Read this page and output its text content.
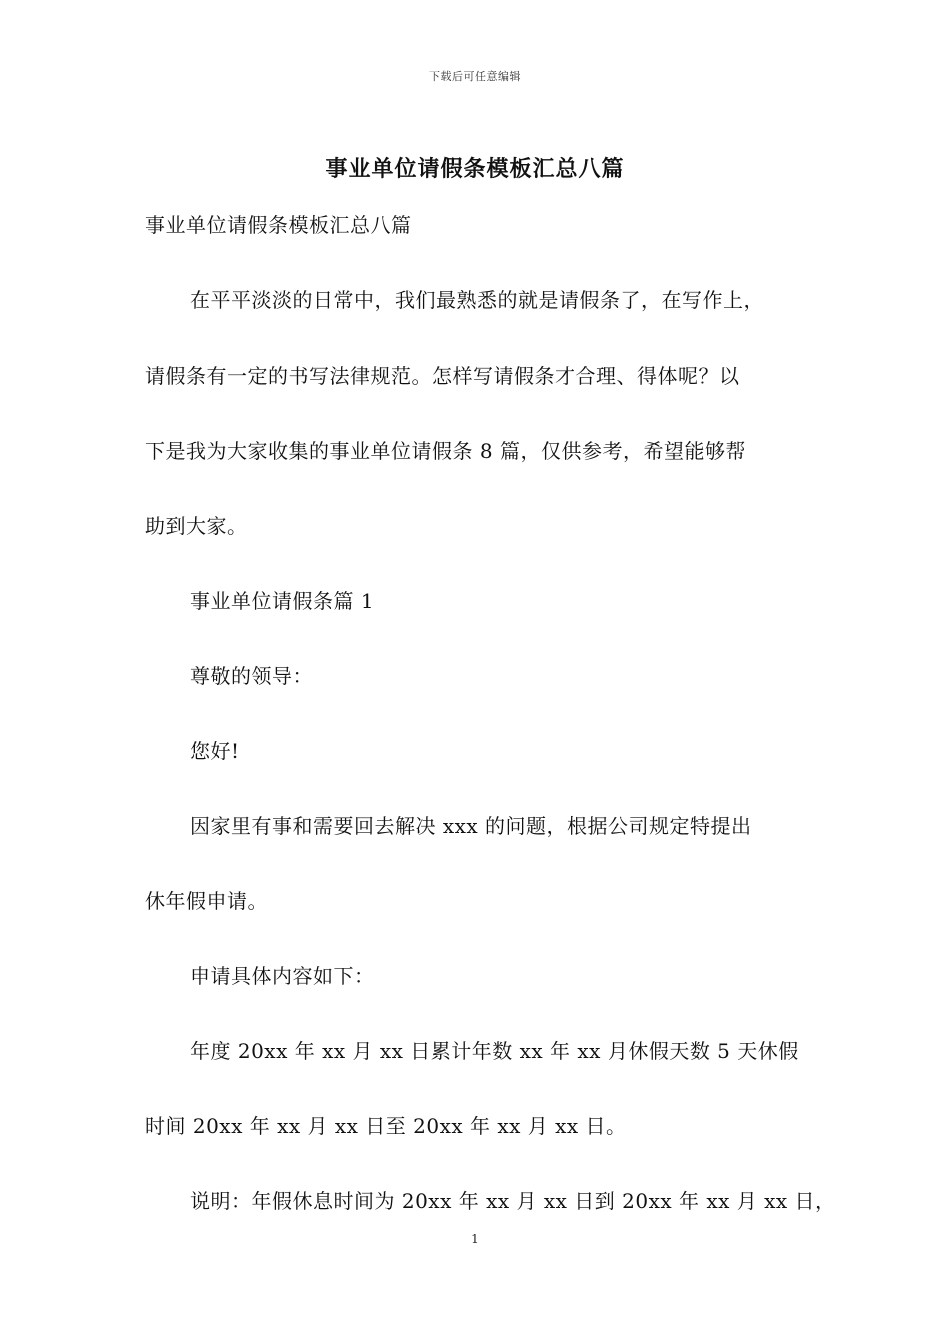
下载后可任意编辑
事业单位请假条模板汇总八篇
事业单位请假条模板汇总八篇
在平平淡淡的日常中，我们最熟悉的就是请假条了，在写作上，
请假条有一定的书写法律规范。怎样写请假条才合理、得体呢？以
下是我为大家收集的事业单位请假条 8 篇，仅供参考，希望能够帮
助到大家。
事业单位请假条篇 1
尊敬的领导：
您好!
因家里有事和需要回去解决 xxx 的问题，根据公司规定特提出
休年假申请。
申请具体内容如下：
年度 20xx 年 xx 月 xx 日累计年数 xx 年 xx 月休假天数 5 天休假
时间 20xx 年 xx 月 xx 日至 20xx 年 xx 月 xx 日。
说明：年假休息时间为 20xx 年 xx 月 xx 日到 20xx 年 xx 月 xx 日，
1
